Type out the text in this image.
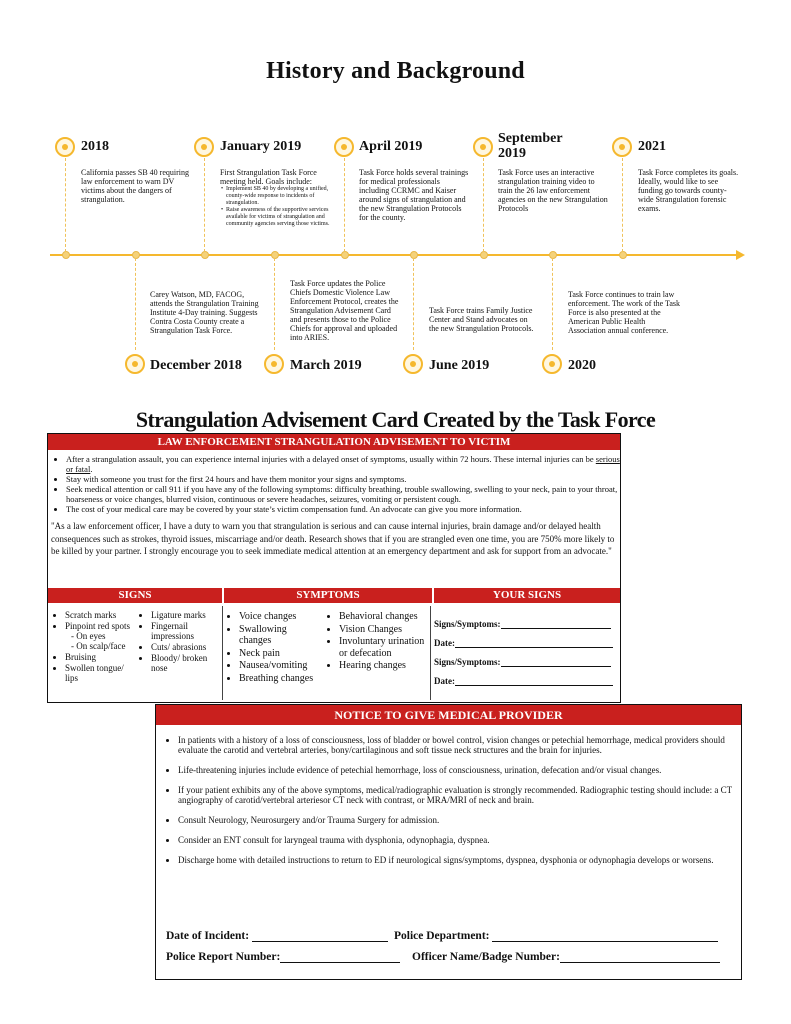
History and Background
2018
California passes SB 40 requiring law enforcement to warn DV victims about the dangers of strangulation.
January 2019
First Strangulation Task Force meeting held. Goals include:
• Implement SB 40 by developing a unified, county-wide response to incidents of strangulation.
• Raise awareness of the supportive services available for victims of strangulation and community agencies serving those victims.
April 2019
Task Force holds several trainings for medical professionals including CCRMC and Kaiser around signs of strangulation and the new Strangulation Protocols for the county.
September
2019
Task Force uses an interactive strangulation training video to train the 26 law enforcement agencies on the new Strangulation Protocols
2021
Task Force completes its goals. Ideally, would like to see funding go towards county-wide Strangulation forensic exams.
December 2018
Carey Watson, MD, FACOG, attends the Strangulation Training Institute 4-Day training. Suggests Contra Costa County create a Strangulation Task Force.
March 2019
Task Force updates the Police Chiefs Domestic Violence Law Enforcement Protocol, creates the Strangulation Advisement Card and presents those to the Police Chiefs for approval and uploaded into ARIES.
June 2019
Task Force trains Family Justice Center and Stand advocates on the new Strangulation Protocols.
2020
Task Force continues to train law enforcement. The work of the Task Force is also presented at the American Public Health Association annual conference.
Strangulation Advisement Card Created by the Task Force
LAW ENFORCEMENT STRANGULATION ADVISEMENT TO VICTIM
• After a strangulation assault, you can experience internal injuries with a delayed onset of symptoms, usually within 72 hours. These internal injuries can be serious or fatal.
• Stay with someone you trust for the first 24 hours and have them monitor your signs and symptoms.
• Seek medical attention or call 911 if you have any of the following symptoms: difficulty breathing, trouble swallowing, swelling to your neck, pain to your throat, hoarseness or voice changes, blurred vision, continuous or severe headaches, seizures, vomiting or persistent cough.
• The cost of your medical care may be covered by your state’s victim compensation fund. An advocate can give you more information.
"As a law enforcement officer, I have a duty to warn you that strangulation is serious and can cause internal injuries, brain damage and/or delayed health consequences such as strokes, thyroid issues, miscarriage and/or death. Research shows that if you are strangled even one time, you are 750% more likely to be killed by your partner. I strongly encourage you to seek immediate medical attention at an emergency department and ask for support from an advocate."
SIGNS	SYMPTOMS	YOUR SIGNS
• Scratch marks
• Pinpoint red spots
- On eyes
- On scalp/face
• Bruising
• Swollen tongue/ lips
• Ligature marks
• Fingernail impressions
• Cuts/ abrasions
• Bloody/ broken nose
• Voice changes
• Swallowing changes
• Neck pain
• Nausea/vomiting
• Breathing changes
• Behavioral changes
• Vision Changes
• Involuntary urination or defecation
• Hearing changes
Signs/Symptoms:
Date:
Signs/Symptoms:
Date:
NOTICE TO GIVE MEDICAL PROVIDER
• In patients with a history of a loss of consciousness, loss of bladder or bowel control, vision changes or petechial hemorrhage, medical providers should evaluate the carotid and vertebral arteries, bony/cartilaginous and soft tissue neck structures and the brain for injuries.
• Life-threatening injuries include evidence of petechial hemorrhage, loss of consciousness, urination, defecation and/or visual changes.
• If your patient exhibits any of the above symptoms, medical/radiographic evaluation is strongly recommended. Radiographic testing should include: a CT angiography of carotid/vertebral arteriesor CT neck with contrast, or MRA/MRI of neck and brain.
• Consult Neurology, Neurosurgery and/or Trauma Surgery for admission.
• Consider an ENT consult for laryngeal trauma with dysphonia, odynophagia, dyspnea.
• Discharge home with detailed instructions to return to ED if neurological signs/symptoms, dyspnea, dysphonia or odynophagia develops or worsens.
Date of Incident:	Police Department:
Police Report Number:	Officer Name/Badge Number:
